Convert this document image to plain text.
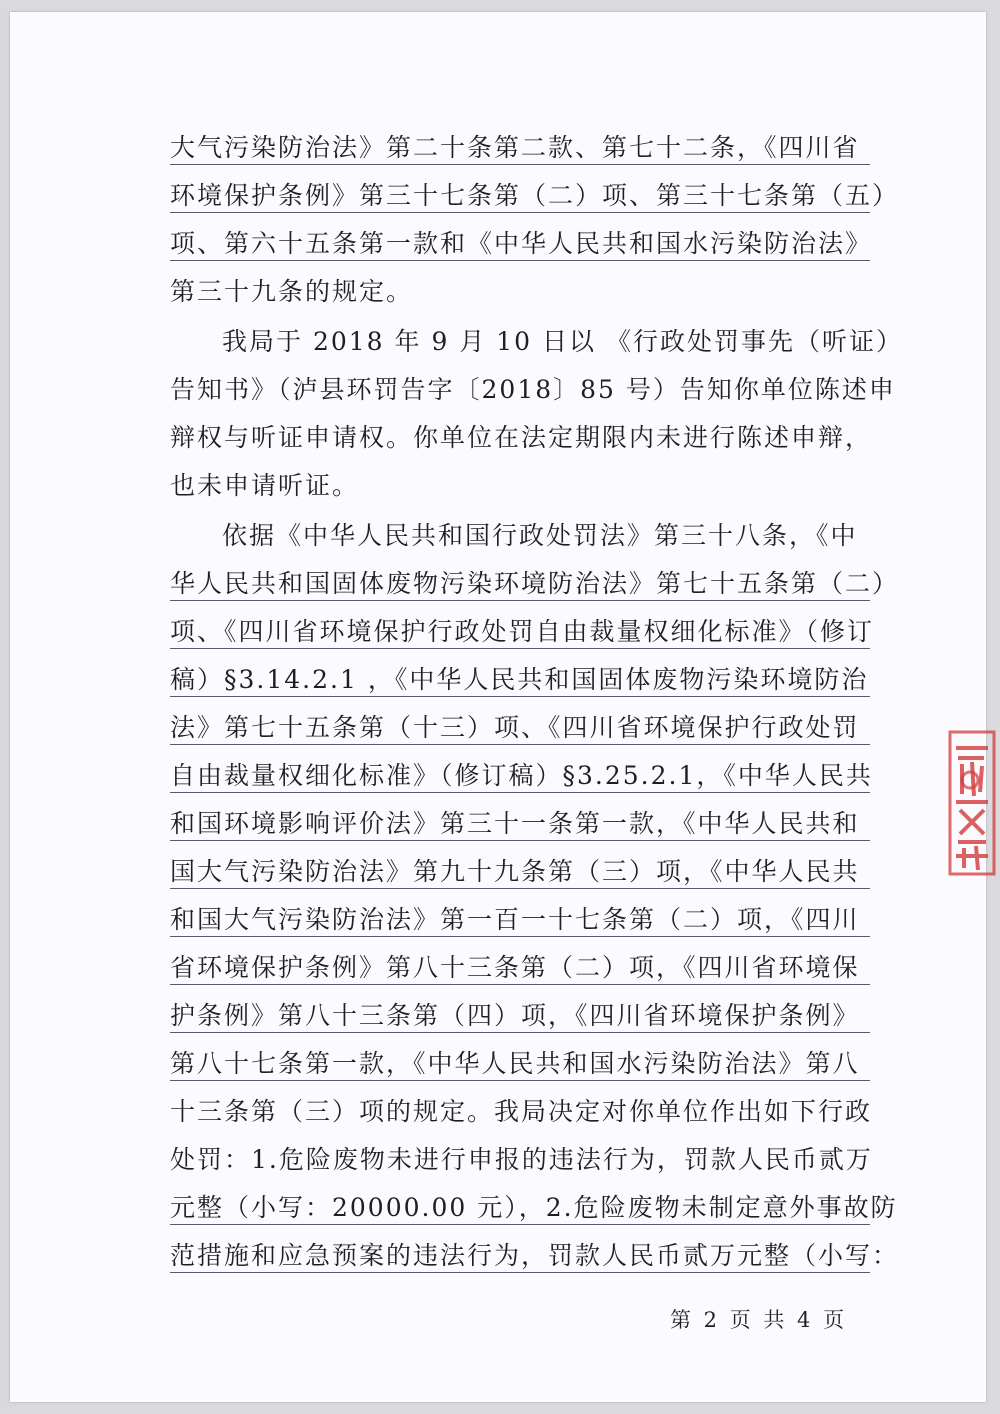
大气污染防治法》第二十条第二款、第七十二条，《四川省
环境保护条例》第三十七条第（二）项、第三十七条第（五）
项、第六十五条第一款和《中华人民共和国水污染防治法》
第三十九条的规定。
我局于 2018 年 9 月 10 日以 《行政处罚事先（听证）
告知书》（泸县环罚告字〔2018〕85 号）告知你单位陈述申
辩权与听证申请权。你单位在法定期限内未进行陈述申辩，
也未申请听证。
依据《中华人民共和国行政处罚法》第三十八条，《中
华人民共和国固体废物污染环境防治法》第七十五条第（二）
项、《四川省环境保护行政处罚自由裁量权细化标准》（修订
稿）§3.14.2.1 ，《中华人民共和国固体废物污染环境防治
法》第七十五条第（十三）项、《四川省环境保护行政处罚
自由裁量权细化标准》（修订稿）§3.25.2.1，《中华人民共
和国环境影响评价法》第三十一条第一款，《中华人民共和
国大气污染防治法》第九十九条第（三）项，《中华人民共
和国大气污染防治法》第一百一十七条第（二）项，《四川
省环境保护条例》第八十三条第（二）项，《四川省环境保
护条例》第八十三条第（四）项，《四川省环境保护条例》
第八十七条第一款，《中华人民共和国水污染防治法》第八
十三条第（三）项的规定。我局决定对你单位作出如下行政
处罚：1.危险废物未进行申报的违法行为，罚款人民币贰万
元整（小写：20000.00 元），2.危险废物未制定意外事故防
范措施和应急预案的违法行为，罚款人民币贰万元整（小写：
第 2 页 共 4 页
